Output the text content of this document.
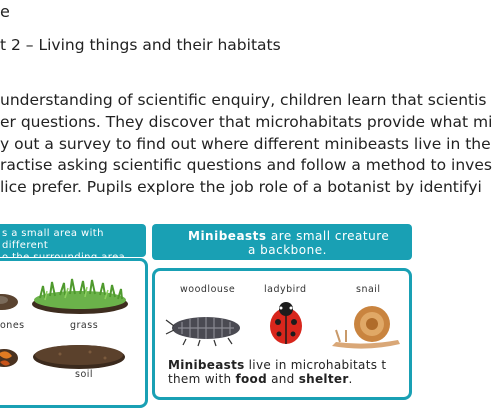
e
t 2 – Living things and their habitats
understanding of scientific enquiry, children learn that scientis
er questions. They discover that microhabitats provide what mi
y out a survey to find out where different minibeasts live in the
ractise asking scientific questions and follow a method to inves
lice prefer. Pupils explore the job role of a botanist by identifyi
s a small area with different
ones	grass
soil
Minibeasts are small creature
a backbone.
woodlouse	ladybird	snail
Minibeasts live in microhabitats t
them with food and shelter.
